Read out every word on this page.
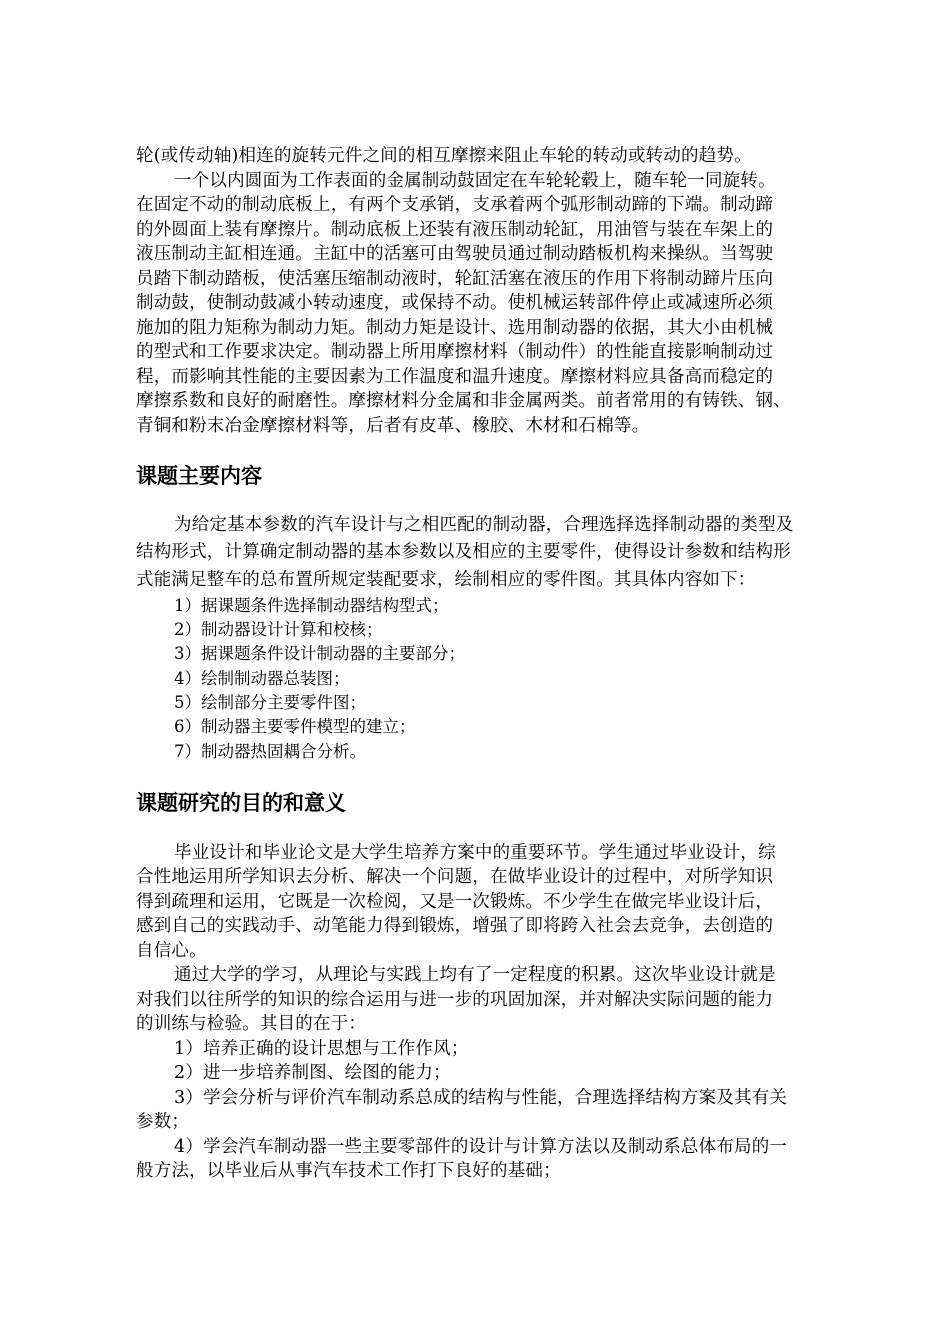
轮(或传动轴)相连的旋转元件之间的相互摩擦来阻止车轮的转动或转动的趋势。
一个以内圆面为工作表面的金属制动鼓固定在车轮轮毂上，随车轮一同旋转。
在固定不动的制动底板上，有两个支承销，支承着两个弧形制动蹄的下端。制动蹄
的外圆面上装有摩擦片。制动底板上还装有液压制动轮缸，用油管与装在车架上的
液压制动主缸相连通。主缸中的活塞可由驾驶员通过制动踏板机构来操纵。当驾驶
员踏下制动踏板，使活塞压缩制动液时，轮缸活塞在液压的作用下将制动蹄片压向
制动鼓，使制动鼓减小转动速度，或保持不动。使机械运转部件停止或减速所必须
施加的阻力矩称为制动力矩。制动力矩是设计、选用制动器的依据，其大小由机械
的型式和工作要求决定。制动器上所用摩擦材料（制动件）的性能直接影响制动过
程，而影响其性能的主要因素为工作温度和温升速度。摩擦材料应具备高而稳定的
摩擦系数和良好的耐磨性。摩擦材料分金属和非金属两类。前者常用的有铸铁、钢、
青铜和粉末冶金摩擦材料等，后者有皮革、橡胶、木材和石棉等。
课题主要内容
为给定基本参数的汽车设计与之相匹配的制动器，合理选择选择制动器的类型及
结构形式，计算确定制动器的基本参数以及相应的主要零件，使得设计参数和结构形
式能满足整车的总布置所规定装配要求，绘制相应的零件图。其具体内容如下：
1）据课题条件选择制动器结构型式；
2）制动器设计计算和校核；
3）据课题条件设计制动器的主要部分；
4）绘制制动器总装图；
5）绘制部分主要零件图；
6）制动器主要零件模型的建立；
7）制动器热固耦合分析。
课题研究的目的和意义
毕业设计和毕业论文是大学生培养方案中的重要环节。学生通过毕业设计，综
合性地运用所学知识去分析、解决一个问题，在做毕业设计的过程中，对所学知识
得到疏理和运用，它既是一次检阅，又是一次锻炼。不少学生在做完毕业设计后，
感到自己的实践动手、动笔能力得到锻炼，增强了即将跨入社会去竞争，去创造的
自信心。
通过大学的学习，从理论与实践上均有了一定程度的积累。这次毕业设计就是
对我们以往所学的知识的综合运用与进一步的巩固加深，并对解决实际问题的能力
的训练与检验。其目的在于：
1）培养正确的设计思想与工作作风；
2）进一步培养制图、绘图的能力；
3）学会分析与评价汽车制动系总成的结构与性能，合理选择结构方案及其有关
参数；
4）学会汽车制动器一些主要零部件的设计与计算方法以及制动系总体布局的一
般方法，以毕业后从事汽车技术工作打下良好的基础；
